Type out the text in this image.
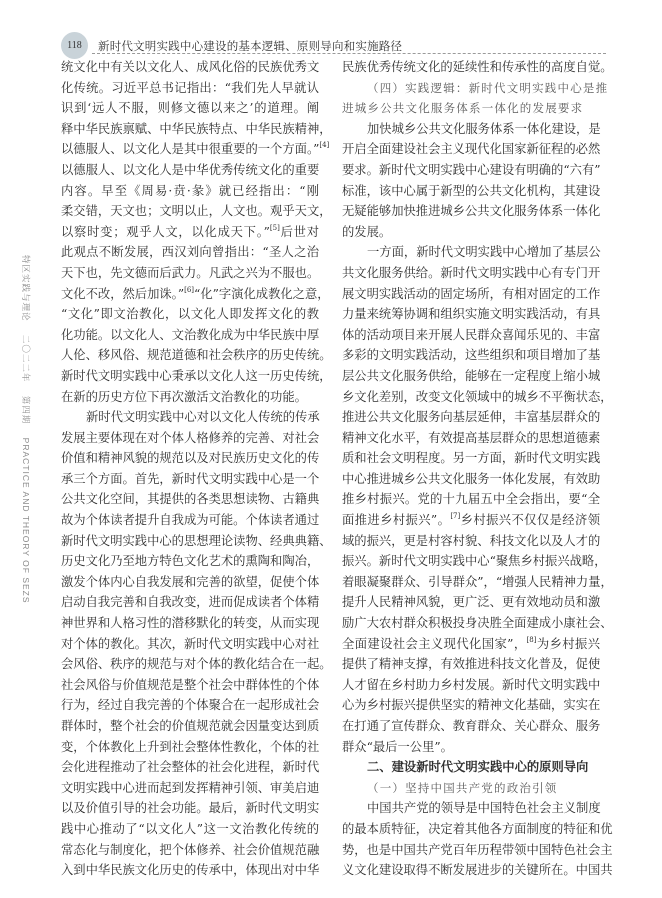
118 新时代文明实践中心建设的基本逻辑、原则导向和实施路径
特区实践与理论 二〇二二年 第四期 PRACTICE AND THEORY OF SEZS
统文化中有关以文化人、成风化俗的民族优秀文
化传统。习近平总书记指出：“我们先人早就认
识到‘远人不服，则修文德以来之’的道理。阐
释中华民族禀赋、中华民族特点、中华民族精神，
以德服人、以文化人是其中很重要的一个方面。”[4]
以德服人、以文化人是中华优秀传统文化的重要
内容。早至《周易·贲·彖》就已经指出：“刚
柔交错，天文也；文明以止，人文也。观乎天文，
以察时变；观乎人文，以化成天下。”[5]后世对
此观点不断发展，西汉刘向曾指出：“圣人之治
天下也，先文德而后武力。凡武之兴为不服也。
文化不改，然后加诛。”[6]“化”字演化成教化之意，
“文化”即文治教化，以文化人即发挥文化的教
化功能。以文化人、文治教化成为中华民族中厚
人伦、移风俗、规范道德和社会秩序的历史传统。
新时代文明实践中心秉承以文化人这一历史传统，
在新的历史方位下再次激活文治教化的功能。
新时代文明实践中心对以文化人传统的传承
发展主要体现在对个体人格修养的完善、对社会
价值和精神风貌的规范以及对民族历史文化的传
承三个方面。首先，新时代文明实践中心是一个
公共文化空间，其提供的各类思想读物、古籍典
故为个体读者提升自我成为可能。个体读者通过
新时代文明实践中心的思想理论读物、经典典籍、
历史文化乃至地方特色文化艺术的熏陶和陶冶，
激发个体内心自我发展和完善的欲望，促使个体
启动自我完善和自我改变，进而促成读者个体精
神世界和人格习性的潜移默化的转变，从而实现
对个体的教化。其次，新时代文明实践中心对社
会风俗、秩序的规范与对个体的教化结合在一起。
社会风俗与价值规范是整个社会中群体性的个体
行为，经过自我完善的个体聚合在一起形成社会
群体时，整个社会的价值规范就会因量变达到质
变，个体教化上升到社会整体性教化，个体的社
会化进程推动了社会整体的社会化进程，新时代
文明实践中心进而起到发挥精神引领、审美启迪
以及价值引导的社会功能。最后，新时代文明实
践中心推动了“以文化人”这一文治教化传统的
常态化与制度化，把个体修养、社会价值规范融
入到中华民族文化历史的传承中，体现出对中华
民族优秀传统文化的延续性和传承性的高度自觉。
（四）实践逻辑：新时代文明实践中心是推
进城乡公共文化服务体系一体化的发展要求
加快城乡公共文化服务体系一体化建设，是
开启全面建设社会主义现代化国家新征程的必然
要求。新时代文明实践中心建设有明确的“六有”
标准，该中心属于新型的公共文化机构，其建设
无疑能够加快推进城乡公共文化服务体系一体化
的发展。
一方面，新时代文明实践中心增加了基层公
共文化服务供给。新时代文明实践中心有专门开
展文明实践活动的固定场所，有相对固定的工作
力量来统筹协调和组织实施文明实践活动，有具
体的活动项目来开展人民群众喜闻乐见的、丰富
多彩的文明实践活动，这些组织和项目增加了基
层公共文化服务供给，能够在一定程度上缩小城
乡文化差别，改变文化领域中的城乡不平衡状态，
推进公共文化服务向基层延伸，丰富基层群众的
精神文化水平，有效提高基层群众的思想道德素
质和社会文明程度。另一方面，新时代文明实践
中心推进城乡公共文化服务一体化发展，有效助
推乡村振兴。党的十九届五中全会指出，要“全
面推进乡村振兴”。[7]乡村振兴不仅仅是经济领
域的振兴，更是村容村貌、科技文化以及人才的
振兴。新时代文明实践中心“聚焦乡村振兴战略，
着眼凝聚群众、引导群众”，“增强人民精神力量，
提升人民精神风貌，更广泛、更有效地动员和激
励广大农村群众积极投身决胜全面建成小康社会、
全面建设社会主义现代化国家”，[8]为乡村振兴
提供了精神支撑，有效推进科技文化普及，促使
人才留在乡村助力乡村发展。新时代文明实践中
心为乡村振兴提供坚实的精神文化基础，实实在
在打通了宣传群众、教育群众、关心群众、服务
群众“最后一公里”。
二、建设新时代文明实践中心的原则导向
（一）坚持中国共产党的政治引领
中国共产党的领导是中国特色社会主义制度
的最本质特征，决定着其他各方面制度的特征和优
势，也是中国共产党百年历程带领中国特色社会主
义文化建设取得不断发展进步的关键所在。中国共
